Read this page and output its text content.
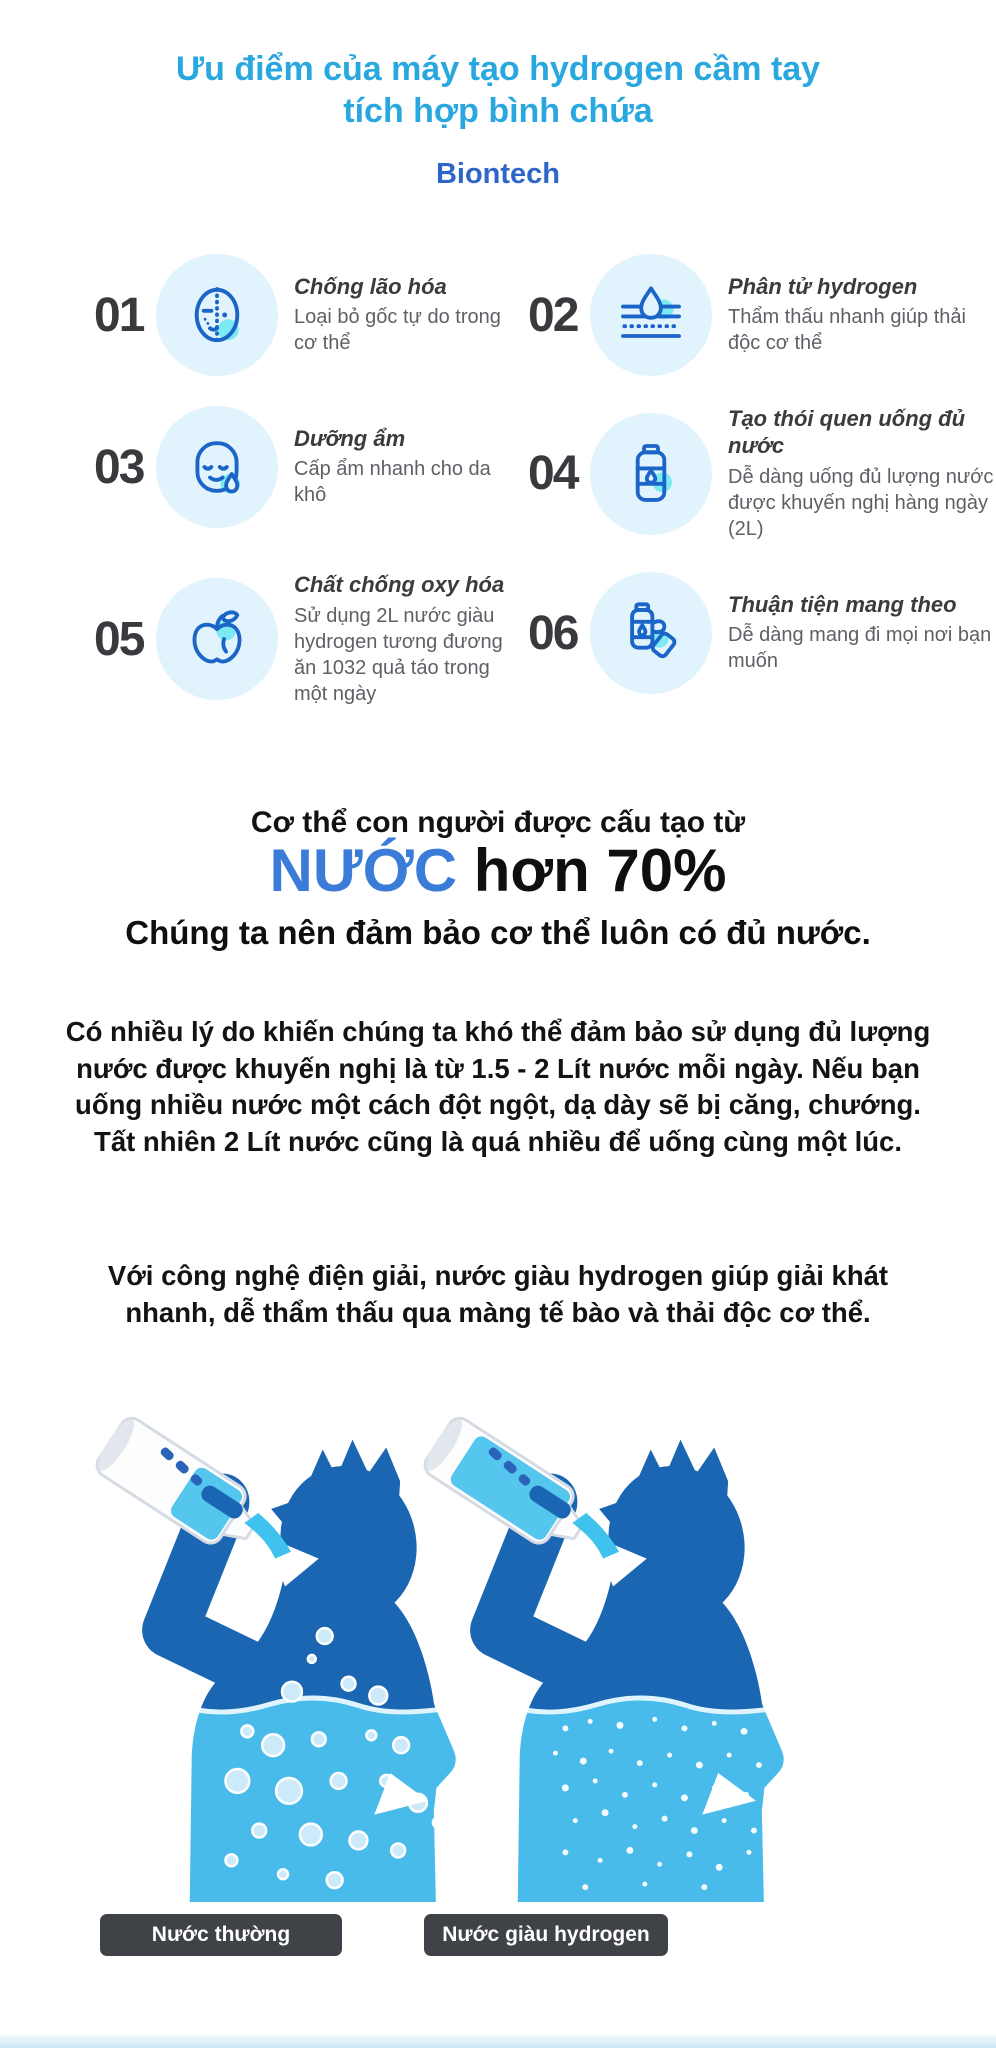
Ưu điểm của máy tạo hydrogen cầm tay
tích hợp bình chứa
Biontech
01
Chống lão hóa
Loại bỏ gốc tự do trong cơ thể
02
Phân tử hydrogen
Thẩm thấu nhanh giúp thải độc cơ thể
03
Dưỡng ẩm
Cấp ẩm nhanh cho da khô	04
Tạo thói quen uống đủ nước
Dễ dàng uống đủ lượng nước được khuyến nghị hàng ngày (2L)
05
Chất chống oxy hóa
Sử dụng 2L nước giàu hydrogen tương đương ăn 1032 quả táo trong một ngày
06
Thuận tiện mang theo
Dễ dàng mang đi mọi nơi bạn muốn
Cơ thể con người được cấu tạo từ
NƯỚC hơn 70%
Chúng ta nên đảm bảo cơ thể luôn có đủ nước.
Có nhiều lý do khiến chúng ta khó thể đảm bảo sử dụng đủ lượng nước được khuyến nghị là từ 1.5 - 2 Lít nước mỗi ngày. Nếu bạn uống nhiều nước một cách đột ngột, dạ dày sẽ bị căng, chướng. Tất nhiên 2 Lít nước cũng là quá nhiều để uống cùng một lúc.
Với công nghệ điện giải, nước giàu hydrogen giúp giải khát nhanh, dễ thẩm thấu qua màng tế bào và thải độc cơ thể.
Nước thường	Nước giàu hydrogen
